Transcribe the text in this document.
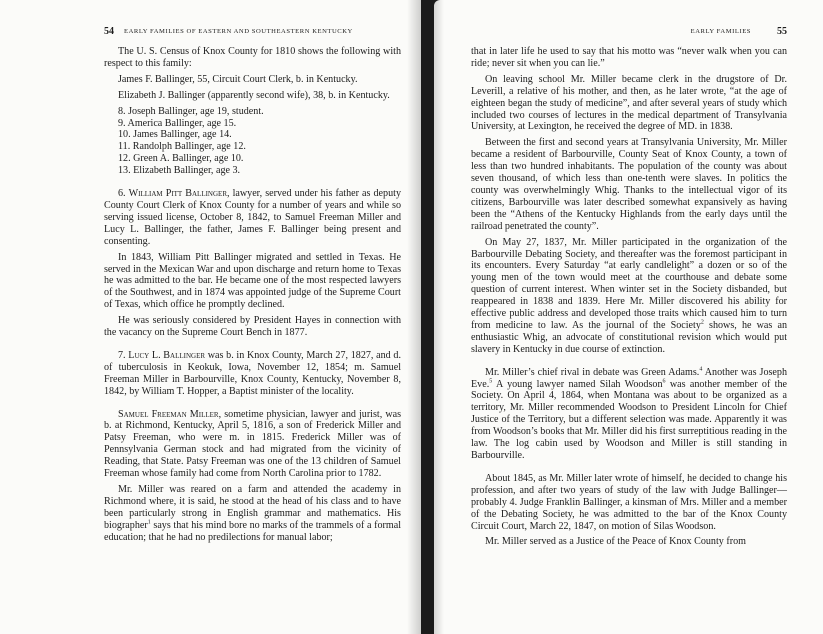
54 EARLY FAMILIES OF EASTERN AND SOUTHEASTERN KENTUCKY

The U. S. Census of Knox County for 1810 shows the following with respect to this family:

James F. Ballinger, 55, Circuit Court Clerk, b. in Kentucky.

Elizabeth J. Ballinger (apparently second wife), 38, b. in Kentucky.

8. Joseph Ballinger, age 19, student.
9. America Ballinger, age 15.
10. James Ballinger, age 14.
11. Randolph Ballinger, age 12.
12. Green A. Ballinger, age 10.
13. Elizabeth Ballinger, age 3.

6. William Pitt Ballinger, lawyer, served under his father as deputy County Court Clerk of Knox County for a number of years and while so serving issued license, October 8, 1842, to Samuel Freeman Miller and Lucy L. Ballinger, the father, James F. Ballinger being present and consenting.

In 1843, William Pitt Ballinger migrated and settled in Texas. He served in the Mexican War and upon discharge and return home to Texas he was admitted to the bar. He became one of the most respected lawyers of the Southwest, and in 1874 was appointed judge of the Supreme Court of Texas, which office he promptly declined.

He was seriously considered by President Hayes in connection with the vacancy on the Supreme Court Bench in 1877.

7. Lucy L. Ballinger was b. in Knox County, March 27, 1827, and d. of tuberculosis in Keokuk, Iowa, November 12, 1854; m. Samuel Freeman Miller in Barbourville, Knox County, Kentucky, November 8, 1842, by William T. Hopper, a Baptist minister of the locality.

Samuel Freeman Miller, sometime physician, lawyer and jurist, was b. at Richmond, Kentucky, April 5, 1816, a son of Frederick Miller and Patsy Freeman, who were m. in 1815. Frederick Miller was of Pennsylvania German stock and had migrated from the vicinity of Reading, that State. Patsy Freeman was one of the 13 children of Samuel Freeman whose family had come from North Carolina prior to 1782.

Mr. Miller was reared on a farm and attended the academy in Richmond where, it is said, he stood at the head of his class and to have been particularly strong in English grammar and mathematics. His biographer$^1$ says that his mind bore no marks of the trammels of a formal education; that he had no predilections for manual labor;

EARLY FAMILIES	55

that in later life he used to say that his motto was “never walk when you can ride; never sit when you can lie.”

On leaving school Mr. Miller became clerk in the drugstore of Dr. Leverill, a relative of his mother, and then, as he later wrote, “at the age of eighteen began the study of medicine”, and after several years of study which included two courses of lectures in the medical department of Transylvania University, at Lexington, he received the degree of MD. in 1838.

Between the first and second years at Transylvania University, Mr. Miller became a resident of Barbourville, County Seat of Knox County, a town of less than two hundred inhabitants. The population of the county was about seven thousand, of which less than one-tenth were slaves. In politics the county was overwhelmingly Whig. Thanks to the intellectual vigor of its citizens, Barbourville was later described somewhat expansively as having been the “Athens of the Kentucky Highlands from the early days until the railroad penetrated the county”.

On May 27, 1837, Mr. Miller participated in the organization of the Barbourville Debating Society, and thereafter was the foremost participant in its encounters. Every Saturday “at early candlelight” a dozen or so of the young men of the town would meet at the courthouse and debate some question of current interest. When winter set in the Society disbanded, but reappeared in 1838 and 1839. Here Mr. Miller discovered his ability for effective public address and developed those traits which caused him to turn from medicine to law. As the journal of the Society$^2$ shows, he was an enthusiastic Whig, an advocate of constitutional revision which would put slavery in Kentucky in due course of extinction.

Mr. Miller’s chief rival in debate was Green Adams.$^4$ Another was Joseph Eve.$^5$ A young lawyer named Silah Woodson$^6$ was another member of the Society. On April 4, 1864, when Montana was about to be organized as a territory, Mr. Miller recommended Woodson to President Lincoln for Chief Justice of the Territory, but a different selection was made. Apparently it was from Woodson’s books that Mr. Miller did his first surreptitious reading in the law. The log cabin used by Woodson and Miller is still standing in Barbourville.

About 1845, as Mr. Miller later wrote of himself, he decided to change his profession, and after two years of study of the law with Judge Ballinger—probably 4. Judge Franklin Ballinger, a kinsman of Mrs. Miller and a member of the Debating Society, he was admitted to the bar of the Knox County Circuit Court, March 22, 1847, on motion of Silas Woodson.

Mr. Miller served as a Justice of the Peace of Knox County from
